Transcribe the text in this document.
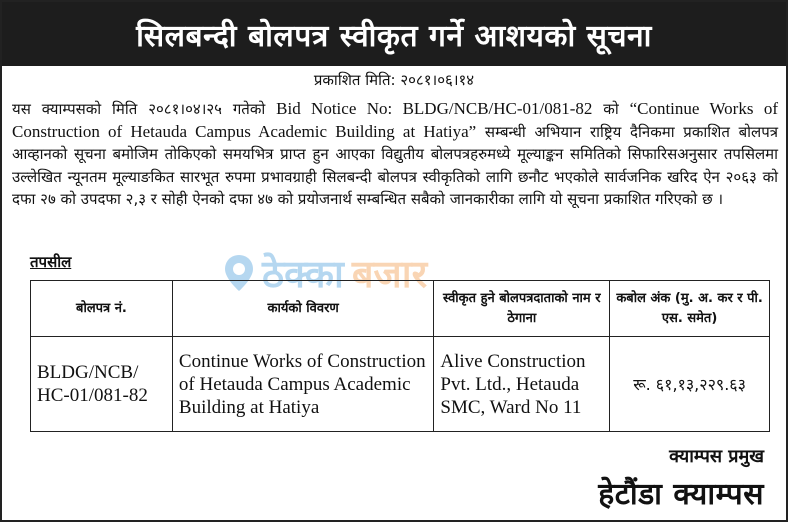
सिलबन्दी बोलपत्र स्वीकृत गर्ने आशयको सूचना
प्रकाशित मिति: २०८१।०६।१४
यस क्याम्पसको मिति २०८१।०४।२५ गतेको Bid Notice No: BLDG/NCB/HC-01/081-82 को “Continue Works of Construction of Hetauda Campus Academic Building at Hatiya” सम्बन्धी अभियान राष्ट्रिय दैनिकमा प्रकाशित बोलपत्र आव्हानको सूचना बमोजिम तोकिएको समयभित्र प्राप्त हुन आएका विद्युतीय बोलपत्रहरुमध्ये मूल्याङ्कन समितिको सिफारिसअनुसार तपसिलमा उल्लेखित न्यूनतम मूल्याङकित सारभूत रुपमा प्रभावग्राही सिलबन्दी बोलपत्र स्वीकृतिको लागि छनौट भएकोले सार्वजनिक खरिद ऐन २०६३ को दफा २७ को उपदफा २,३ र सोही ऐनको दफा ४७ को प्रयोजनार्थ सम्बन्धित सबैको जानकारीका लागि यो सूचना प्रकाशित गरिएको छ ।
ठेक्का बजार
तपसील
बोलपत्र नं.	कार्यको विवरण	स्वीकृत हुने बोलपत्रदाताको नाम र ठेगाना	कबोल अंक (मु. अ. कर र पी. एस. समेत)
BLDG/NCB/ HC-01/081-82	Continue Works of Construction of Hetauda Campus Academic Building at Hatiya	Alive Construction Pvt. Ltd., Hetauda SMC, Ward No 11	रू. ६१,१३,२२९.६३
क्याम्पस प्रमुख
हेटौंडा क्याम्पस
